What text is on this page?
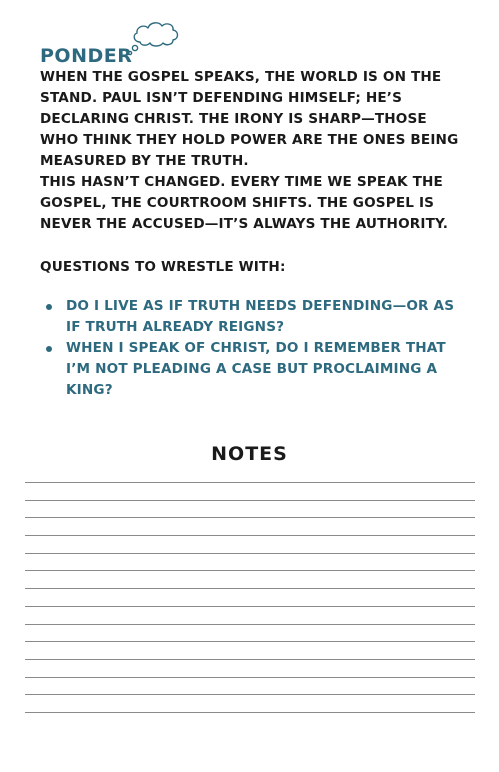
PONDER

WHEN THE GOSPEL SPEAKS, THE WORLD IS ON THE STAND. PAUL ISN’T DEFENDING HIMSELF; HE’S DECLARING CHRIST. THE IRONY IS SHARP—THOSE WHO THINK THEY HOLD POWER ARE THE ONES BEING MEASURED BY THE TRUTH.

THIS HASN’T CHANGED. EVERY TIME WE SPEAK THE GOSPEL, THE COURTROOM SHIFTS. THE GOSPEL IS NEVER THE ACCUSED—IT’S ALWAYS THE AUTHORITY.

QUESTIONS TO WRESTLE WITH:
DO I LIVE AS IF TRUTH NEEDS DEFENDING—OR AS IF TRUTH ALREADY REIGNS?
WHEN I SPEAK OF CHRIST, DO I REMEMBER THAT I’M NOT PLEADING A CASE BUT PROCLAIMING A KING?
NOTES
